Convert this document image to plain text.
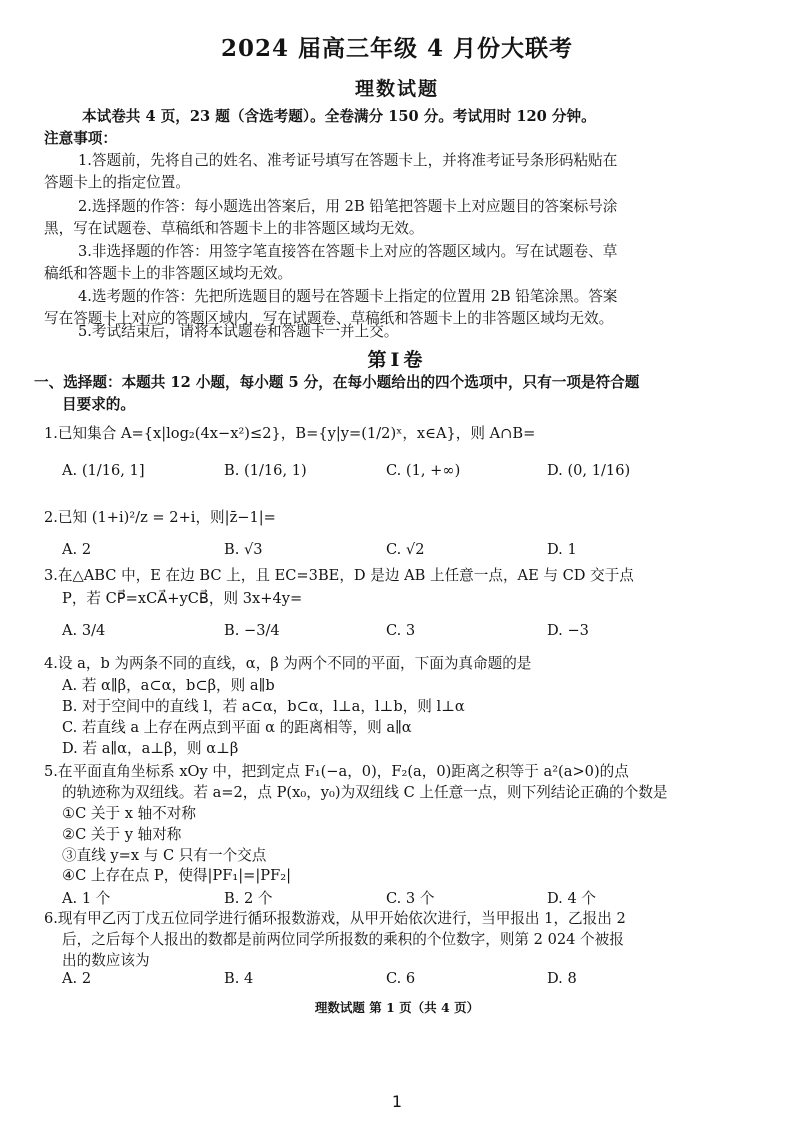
2024 届高三年级 4 月份大联考
理数试题
本试卷共 4 页，23 题（含选考题）。全卷满分 150 分。考试用时 120 分钟。
注意事项：
1.答题前，先将自己的姓名、准考证号填写在答题卡上，并将准考证号条形码粘贴在
答题卡上的指定位置。
2.选择题的作答：每小题选出答案后，用 2B 铅笔把答题卡上对应题目的答案标号涂
黑，写在试题卷、草稿纸和答题卡上的非答题区域均无效。
3.非选择题的作答：用签字笔直接答在答题卡上对应的答题区域内。写在试题卷、草
稿纸和答题卡上的非答题区域均无效。
4.选考题的作答：先把所选题目的题号在答题卡上指定的位置用 2B 铅笔涂黑。答案
写在答题卡上对应的答题区域内，写在试题卷、草稿纸和答题卡上的非答题区域均无效。
5.考试结束后，请将本试题卷和答题卡一并上交。
第Ⅰ卷
一、选择题：本题共 12 小题，每小题 5 分，在每小题给出的四个选项中，只有一项是符合题
目要求的。
1.已知集合 A={x|log₂(4x−x²)≤2}，B={y|y=(1/2)ˣ，x∈A}，则 A∩B=
A. (1/16, 1]	B. (1/16, 1)	C. (1, +∞)	D. (0, 1/16)
2.已知 (1+i)²/z = 2+i，则|z̄−1|=
A. 2	B. √3	C. √2	D. 1
3.在△ABC 中，E 在边 BC 上，且 EC=3BE，D 是边 AB 上任意一点，AE 与 CD 交于点
P，若 CP⃗=xCA⃗+yCB⃗，则 3x+4y=
A. 3/4	B. −3/4	C. 3	D. −3
4.设 a，b 为两条不同的直线，α，β 为两个不同的平面，下面为真命题的是
A. 若 α∥β，a⊂α，b⊂β，则 a∥b
B. 对于空间中的直线 l，若 a⊂α，b⊂α，l⊥a，l⊥b，则 l⊥α
C. 若直线 a 上存在两点到平面 α 的距离相等，则 a∥α
D. 若 a∥α，a⊥β，则 α⊥β
5.在平面直角坐标系 xOy 中，把到定点 F₁(−a，0)，F₂(a，0)距离之积等于 a²(a>0)的点
的轨迹称为双纽线。若 a=2，点 P(x₀，y₀)为双纽线 C 上任意一点，则下列结论正确的个数是
①C 关于 x 轴不对称
②C 关于 y 轴对称
③直线 y=x 与 C 只有一个交点
④C 上存在点 P，使得|PF₁|=|PF₂|
A. 1 个	B. 2 个	C. 3 个	D. 4 个
6.现有甲乙丙丁戊五位同学进行循环报数游戏，从甲开始依次进行，当甲报出 1，乙报出 2
后，之后每个人报出的数都是前两位同学所报数的乘积的个位数字，则第 2 024 个被报
出的数应该为
A. 2	B. 4	C. 6	D. 8
理数试题 第 1 页（共 4 页）
1
